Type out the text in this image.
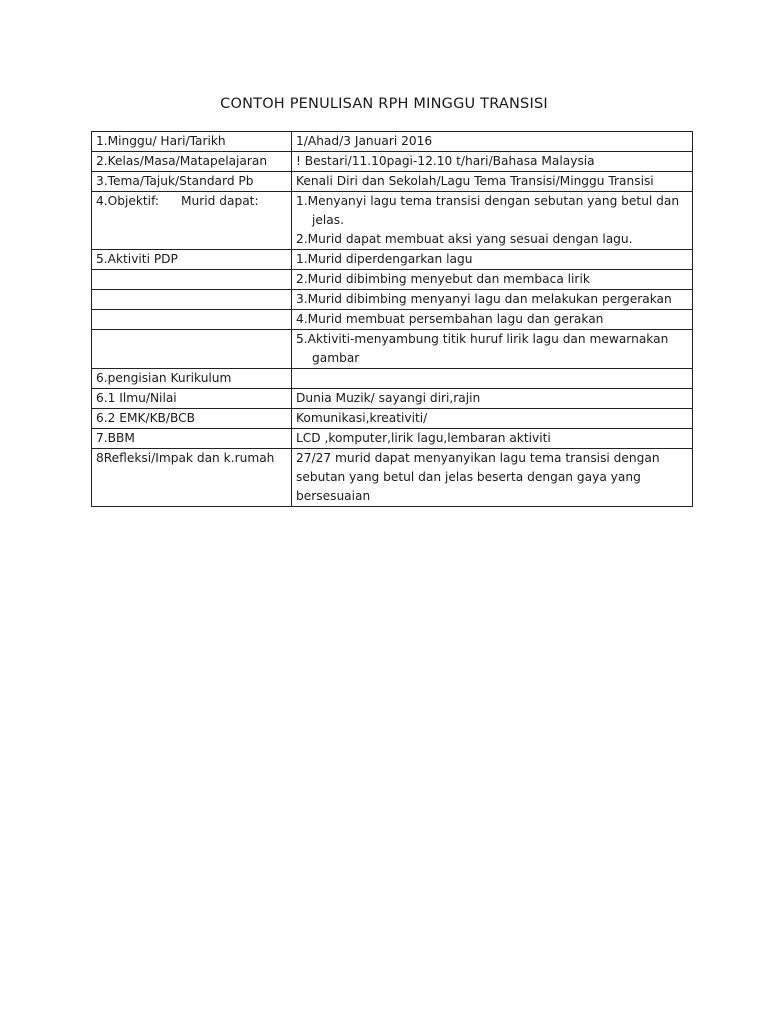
CONTOH PENULISAN RPH MINGGU TRANSISI
1.Minggu/ Hari/Tarikh	1/Ahad/3 Januari 2016
2.Kelas/Masa/Matapelajaran	! Bestari/11.10pagi-12.10 t/hari/Bahasa Malaysia
3.Tema/Tajuk/Standard Pb	Kenali Diri dan Sekolah/Lagu Tema Transisi/Minggu Transisi
4.Objektif: Murid dapat:	1.Menyanyi lagu tema transisi dengan sebutan yang betul dan jelas.
2.Murid dapat membuat aksi yang sesuai dengan lagu.

5.Aktiviti PDP	1.Murid diperdengarkan lagu
	2.Murid dibimbing menyebut dan membaca lirik
	3.Murid dibimbing menyanyi lagu dan melakukan pergerakan
	4.Murid membuat persembahan lagu dan gerakan

	5.Aktiviti-menyambung titik huruf lirik lagu dan mewarnakan gambar

6.pengisian Kurikulum	
6.1 Ilmu/Nilai	Dunia Muzik/ sayangi diri,rajin
6.2 EMK/KB/BCB	Komunikasi,kreativiti/
7.BBM	LCD ,komputer,lirik lagu,lembaran aktiviti
8Refleksi/Impak dan k.rumah	27/27 murid dapat menyanyikan lagu tema transisi dengan sebutan yang betul dan jelas beserta dengan gaya yang bersesuaian
